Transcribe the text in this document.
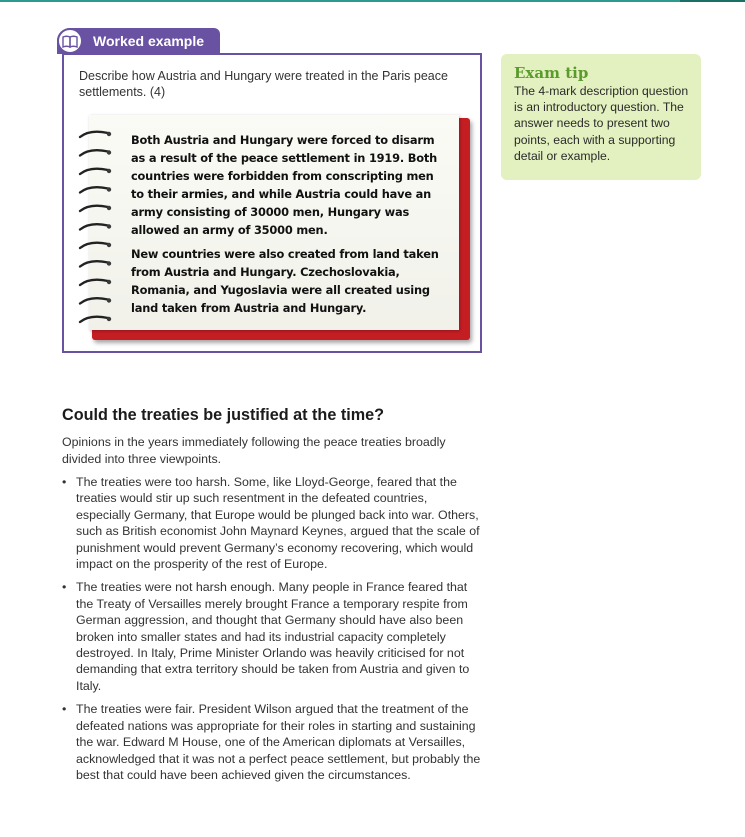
Worked example
Describe how Austria and Hungary were treated in the Paris peace settlements. (4)

Both Austria and Hungary were forced to disarm as a result of the peace settlement in 1919. Both countries were forbidden from conscripting men to their armies, and while Austria could have an army consisting of 30000 men, Hungary was allowed an army of 35000 men.

New countries were also created from land taken from Austria and Hungary. Czechoslovakia, Romania, and Yugoslavia were all created using land taken from Austria and Hungary.

Exam tip
The 4-mark description question is an introductory question. The answer needs to present two points, each with a supporting detail or example.
Could the treaties be justified at the time?
Opinions in the years immediately following the peace treaties broadly divided into three viewpoints.
• The treaties were too harsh. Some, like Lloyd-George, feared that the treaties would stir up such resentment in the defeated countries, especially Germany, that Europe would be plunged back into war. Others, such as British economist John Maynard Keynes, argued that the scale of punishment would prevent Germany’s economy recovering, which would impact on the prosperity of the rest of Europe.
• The treaties were not harsh enough. Many people in France feared that the Treaty of Versailles merely brought France a temporary respite from German aggression, and thought that Germany should have also been broken into smaller states and had its industrial capacity completely destroyed. In Italy, Prime Minister Orlando was heavily criticised for not demanding that extra territory should be taken from Austria and given to Italy.
• The treaties were fair. President Wilson argued that the treatment of the defeated nations was appropriate for their roles in starting and sustaining the war. Edward M House, one of the American diplomats at Versailles, acknowledged that it was not a perfect peace settlement, but probably the best that could have been achieved given the circumstances.
